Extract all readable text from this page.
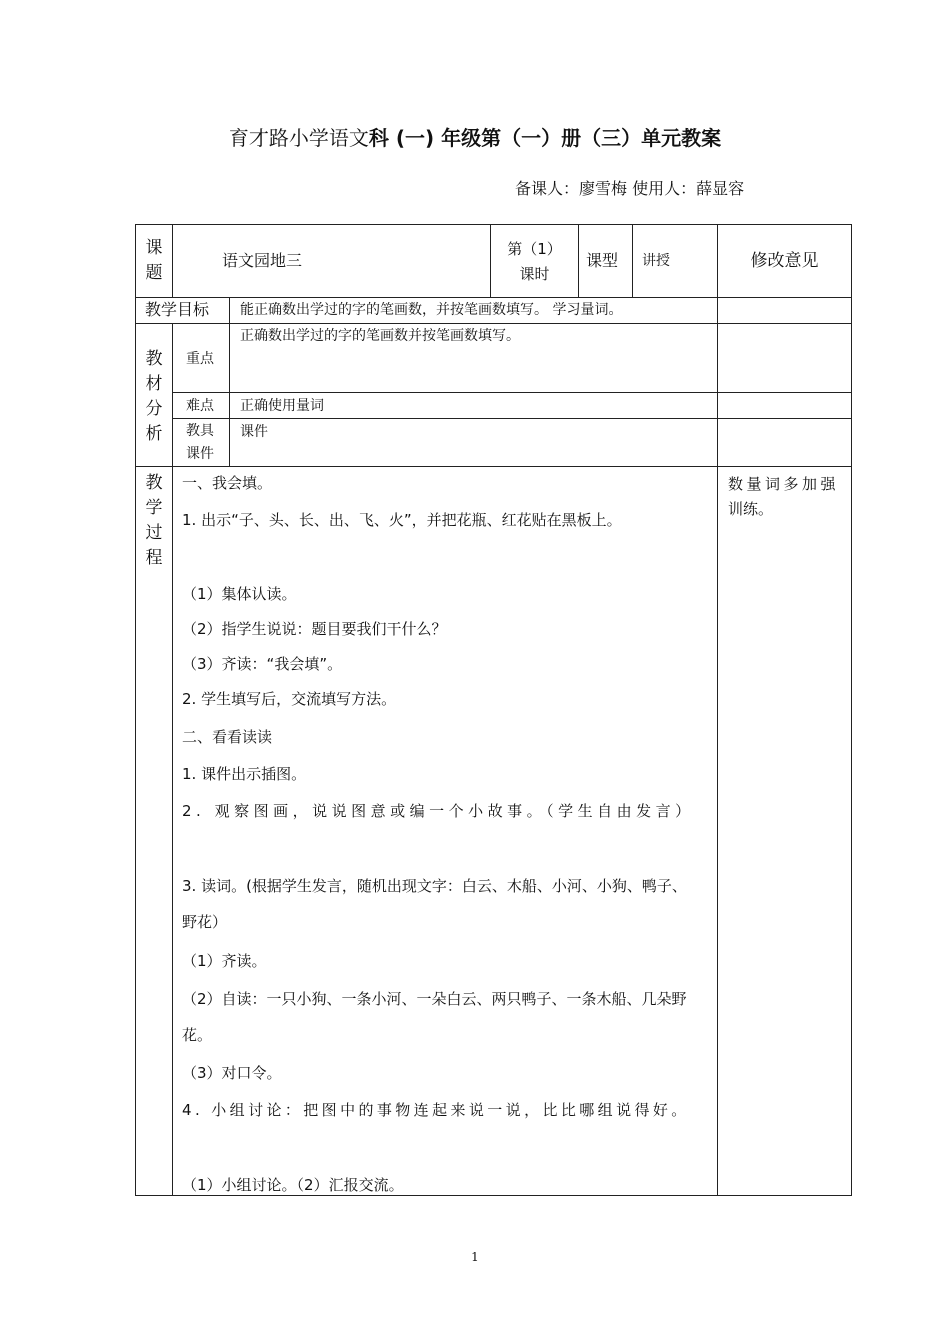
育才路小学语文科 (一) 年级第（一）册（三）单元教案
备课人：廖雪梅 使用人：薛显容
课
题
语文园地三
第（1）
课时
课型 讲授	修改意见
教学目标 能正确数出学过的字的笔画数，并按笔画数填写。 学习量词。
教
材
分
析
重点
正确数出学过的字的笔画数并按笔画数填写。
难点 正确使用量词
教具
课件
课件
教
学
过
程
一、我会填。
1. 出示“子、头、长、出、飞、火”，并把花瓶、红花贴在黑板上。
（1）集体认读。
（2）指学生说说：题目要我们干什么？
（3）齐读：“我会填”。
2. 学生填写后，交流填写方法。
二、看看读读
1. 课件出示插图。
2. 观察图画，说说图意或编一个小故事。（学生自由发言）
3. 读词。(根据学生发言，随机出现文字：白云、木船、小河、小狗、鸭子、
野花）
（1）齐读。
（2）自读：一只小狗、一条小河、一朵白云、两只鸭子、一条木船、几朵野
花。
（3）对口令。
4. 小组讨论：把图中的事物连起来说一说，比比哪组说得好。
（1）小组讨论。（2）汇报交流。
数量词多加强
训练。
1
